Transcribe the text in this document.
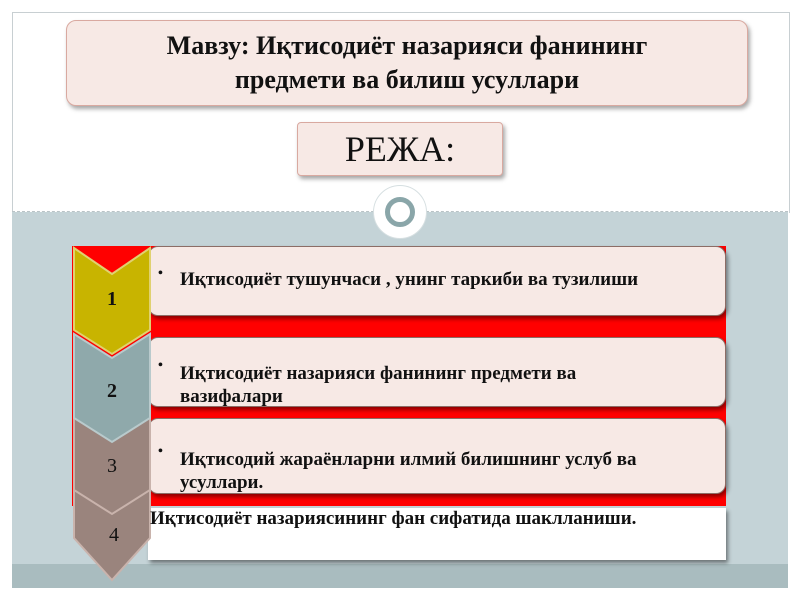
Мавзу: Иқтисодиёт назарияси фанининг
предмети ва билиш усуллари
РЕЖА:
1
2
3
4
• Иқтисодиёт тушунчаси , унинг таркиби ва тузилиши
• Иқтисодиёт назарияси фанининг предмети ва вазифалари
• Иқтисодий жараёнларни илмий билишнинг услуб ва усуллари.
Иқтисодиёт назариясининг фан сифатида шаклланиши.
